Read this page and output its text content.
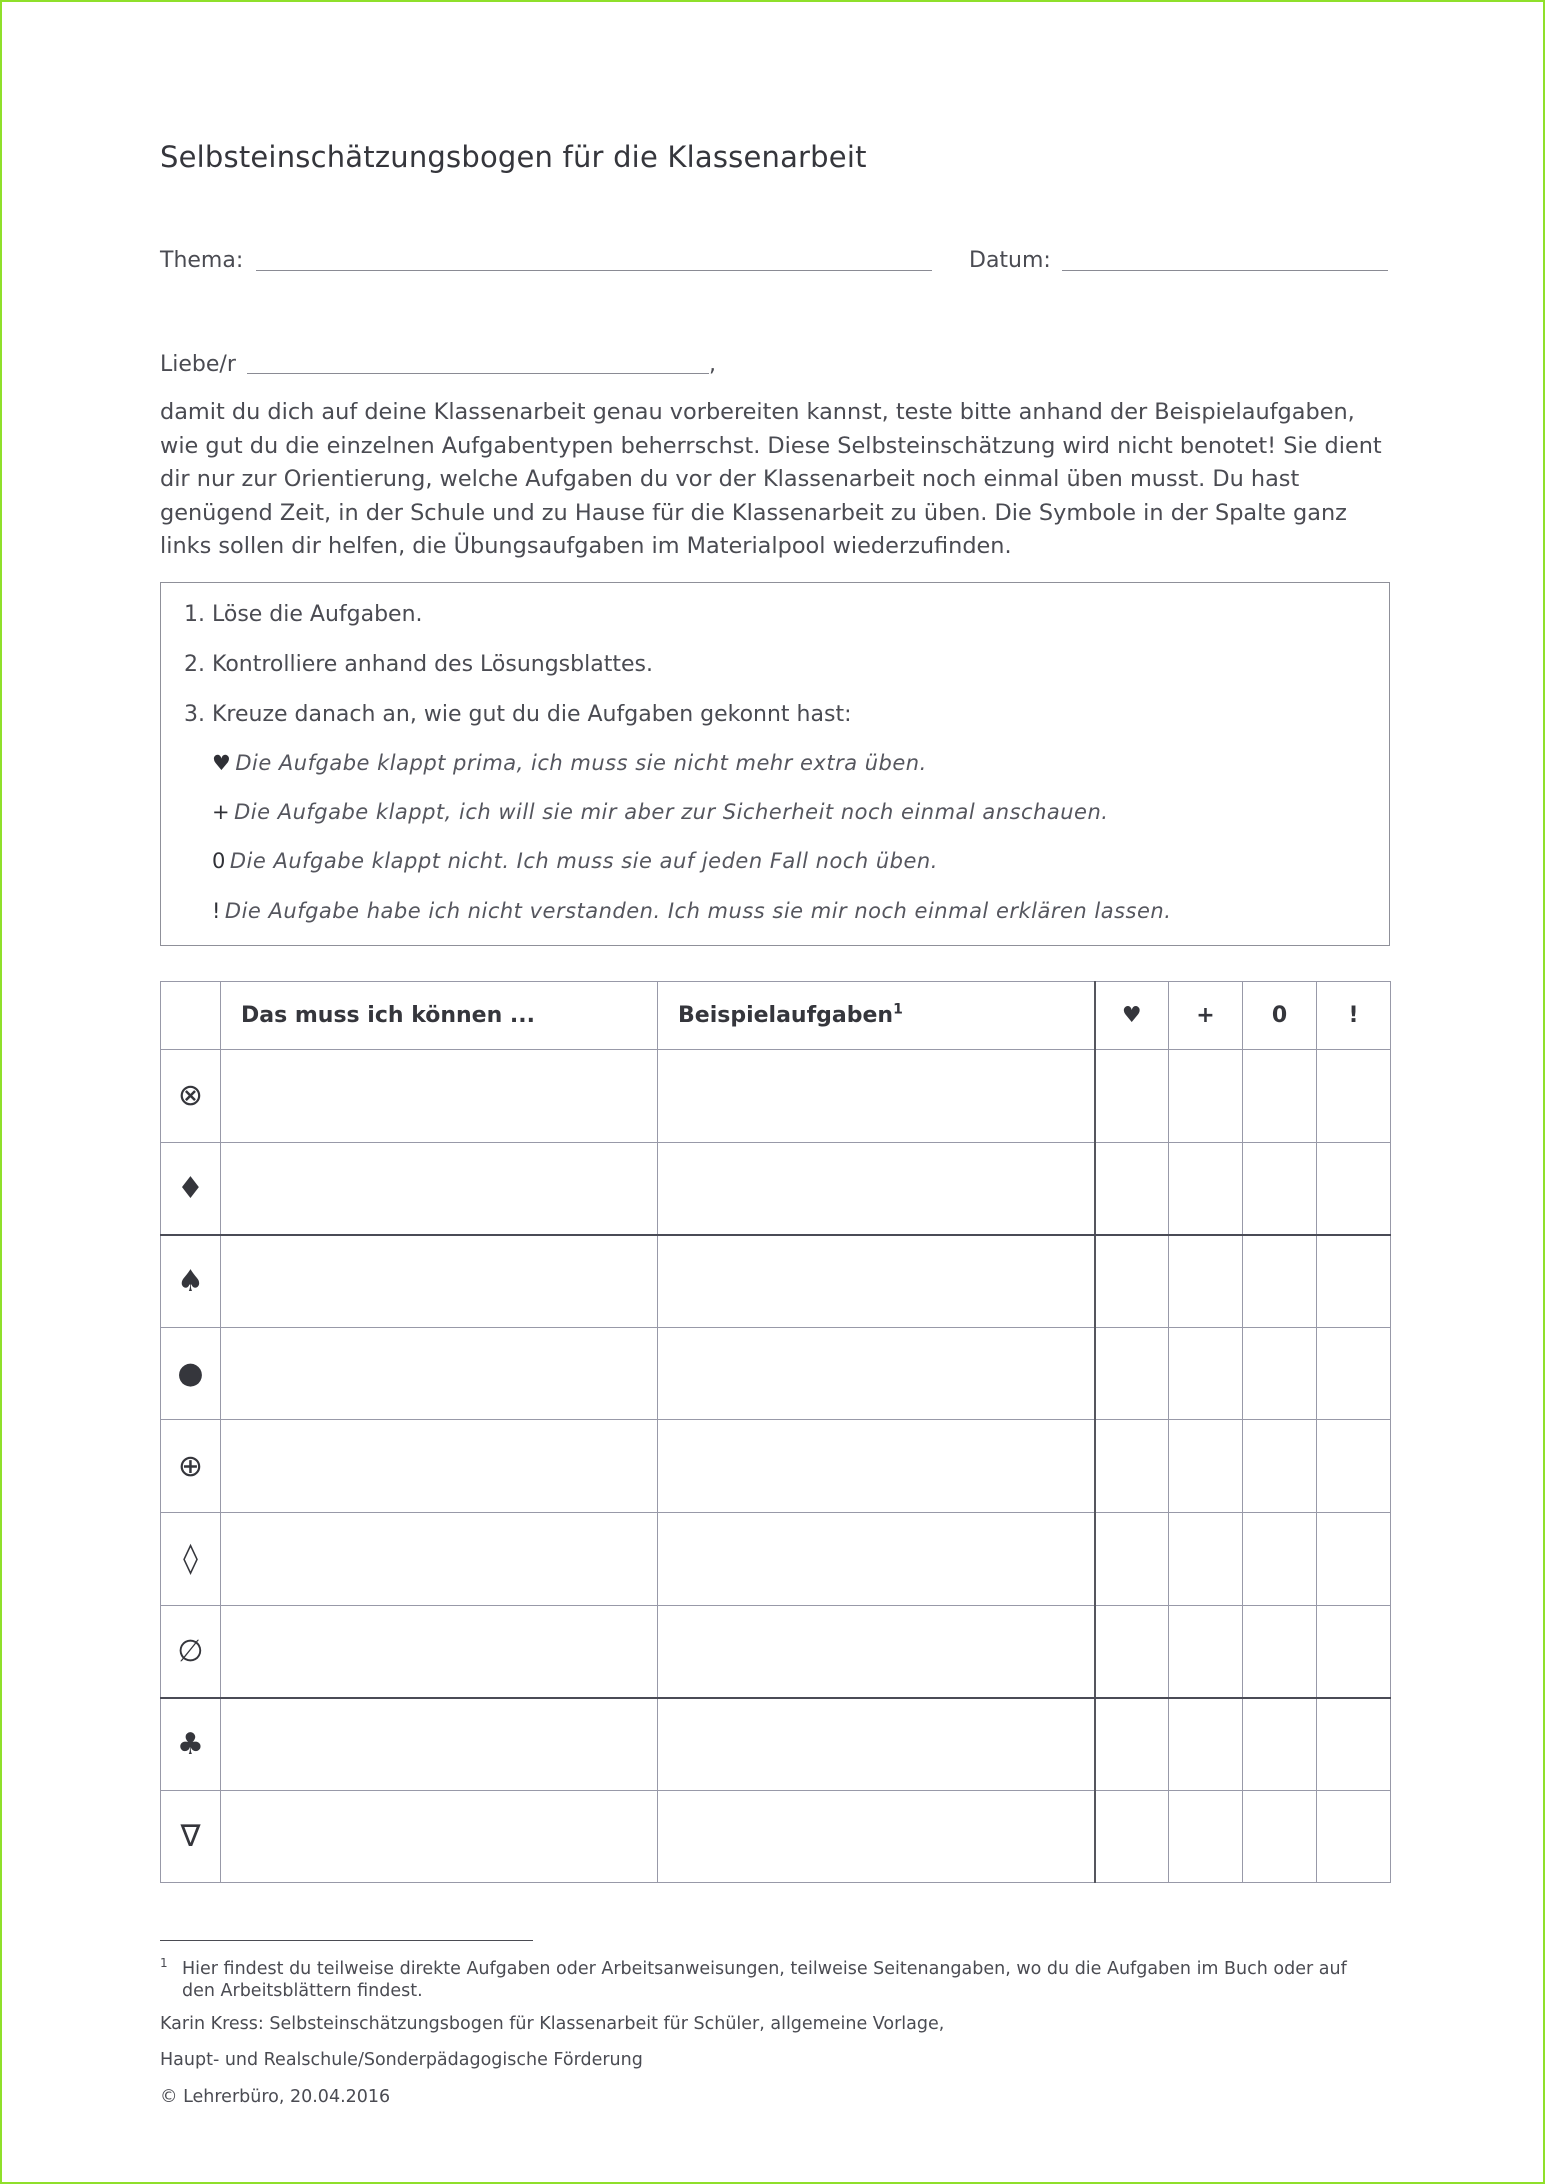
Selbsteinschätzungsbogen für die Klassenarbeit
Thema:	Datum:
Liebe/r	,
damit du dich auf deine Klassenarbeit genau vorbereiten kannst, teste bitte anhand der Beispielaufgaben, wie gut du die einzelnen Aufgabentypen beherrschst. Diese Selbsteinschätzung wird nicht benotet! Sie dient dir nur zur Orientierung, welche Aufgaben du vor der Klassenarbeit noch einmal üben musst. Du hast genügend Zeit, in der Schule und zu Hause für die Klassenarbeit zu üben. Die Symbole in der Spalte ganz links sollen dir helfen, die Übungsaufgaben im Materialpool wiederzufinden.
1. Löse die Aufgaben.
2. Kontrolliere anhand des Lösungsblattes.
3. Kreuze danach an, wie gut du die Aufgaben gekonnt hast:
♥ Die Aufgabe klappt prima, ich muss sie nicht mehr extra üben.
+ Die Aufgabe klappt, ich will sie mir aber zur Sicherheit noch einmal anschauen.
0 Die Aufgabe klappt nicht. Ich muss sie auf jeden Fall noch üben.
! Die Aufgabe habe ich nicht verstanden. Ich muss sie mir noch einmal erklären lassen.
	Das muss ich können ...	Beispielaufgaben$^1$	♥	+	0	!
⊗						
♦						
♠						
●						
⊕						
◊						
∅						
♣						
∇						
1 Hier findest du teilweise direkte Aufgaben oder Arbeitsanweisungen, teilweise Seitenangaben, wo du die Aufgaben im Buch oder auf den Arbeitsblättern findest.
Karin Kress: Selbsteinschätzungsbogen für Klassenarbeit für Schüler, allgemeine Vorlage,
Haupt- und Realschule/Sonderpädagogische Förderung
© Lehrerbüro, 20.04.2016
